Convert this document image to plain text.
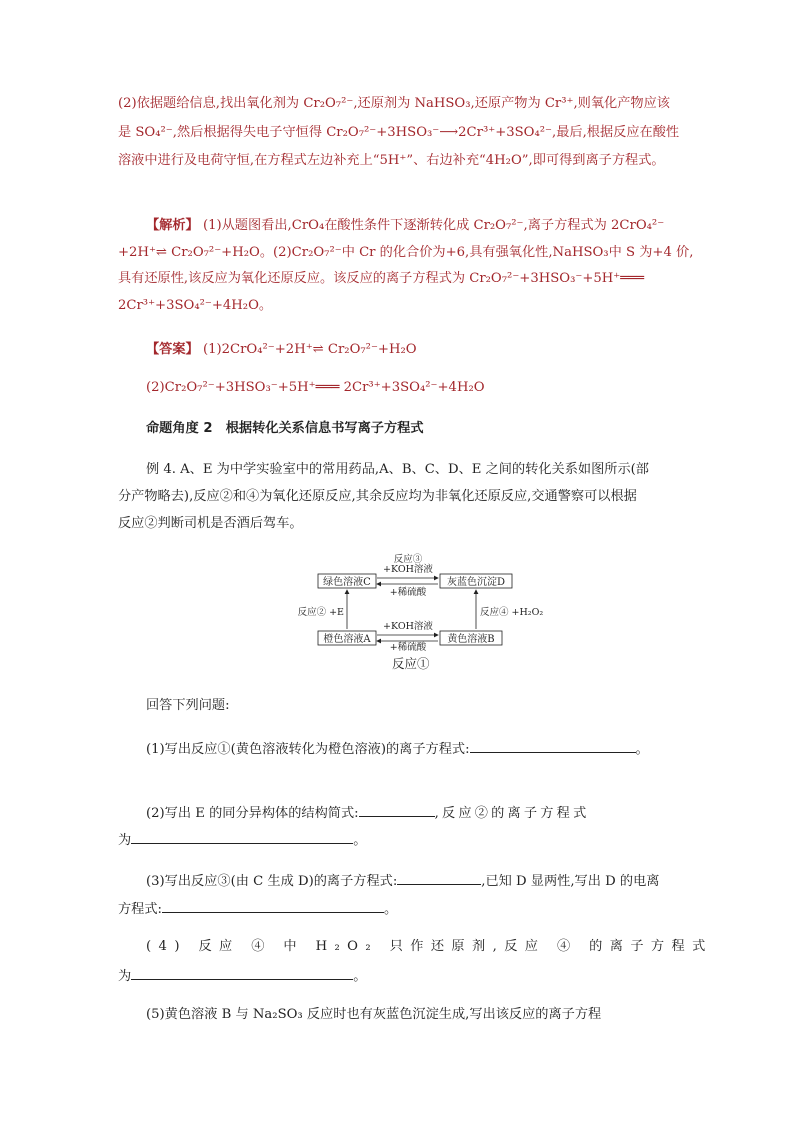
(2)依据题给信息,找出氧化剂为 Cr₂O₇²⁻,还原剂为 NaHSO₃,还原产物为 Cr³⁺,则氧化产物应该
是 SO₄²⁻,然后根据得失电子守恒得 Cr₂O₇²⁻+3HSO₃⁻⟶2Cr³⁺+3SO₄²⁻,最后,根据反应在酸性
溶液中进行及电荷守恒,在方程式左边补充上“5H⁺”、右边补充“4H₂O”,即可得到离子方程式。
【解析】 (1)从题图看出,CrO₄在酸性条件下逐渐转化成 Cr₂O₇²⁻,离子方程式为 2CrO₄²⁻
+2H⁺⇌ Cr₂O₇²⁻+H₂O。(2)Cr₂O₇²⁻中 Cr 的化合价为+6,具有强氧化性,NaHSO₃中 S 为+4 价,
具有还原性,该反应为氧化还原反应。该反应的离子方程式为 Cr₂O₇²⁻+3HSO₃⁻+5H⁺═══
2Cr³⁺+3SO₄²⁻+4H₂O。
【答案】 (1)2CrO₄²⁻+2H⁺⇌ Cr₂O₇²⁻+H₂O
(2)Cr₂O₇²⁻+3HSO₃⁻+5H⁺═══ 2Cr³⁺+3SO₄²⁻+4H₂O
命题角度 2　根据转化关系信息书写离子方程式
例 4. A、E 为中学实验室中的常用药品,A、B、C、D、E 之间的转化关系如图所示(部
分产物略去),反应②和④为氧化还原反应,其余反应均为非氧化还原反应,交通警察可以根据
反应②判断司机是否酒后驾车。
反应③
+KOH溶液
绿色溶液C	灰蓝色沉淀D
+稀硫酸
反应② +E	反应④ +H₂O₂
橙色溶液A	黄色溶液B
+KOH溶液
+稀硫酸
反应①
回答下列问题:
(1)写出反应①(黄色溶液转化为橙色溶液)的离子方程式:	。
(2)写出 E 的同分异构体的结构简式:	,反应②的离子方程式
为	。
(3)写出反应③(由 C 生成 D)的离子方程式:	,已知 D 显两性,写出 D 的电离
方程式:	。
(4) 反应 ④ 中 H₂O₂ 只作还原剂,反应 ④ 的离子方程式
为	。
(5)黄色溶液 B 与 Na₂SO₃ 反应时也有灰蓝色沉淀生成,写出该反应的离子方程
